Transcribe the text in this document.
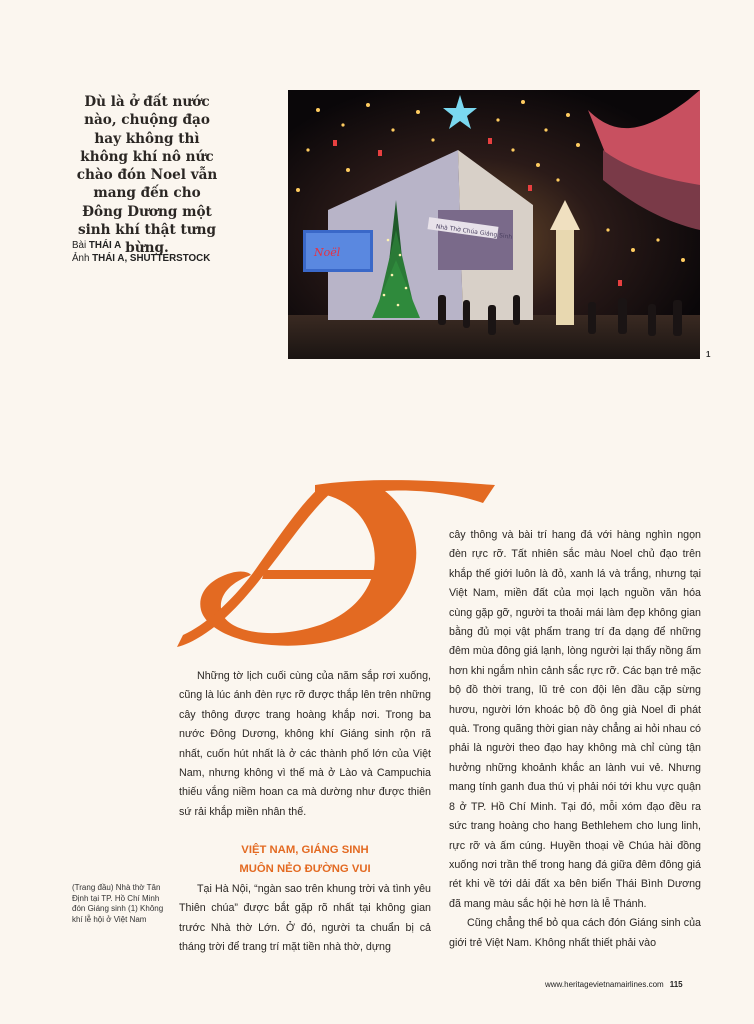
Dù là ở đất nước nào, chuộng đạo hay không thì không khí nô nức chào đón Noel vẫn mang đến cho Đông Dương một sinh khí thật tưng bừng.
Bài THÁI A
Ảnh THÁI A, SHUTTERSTOCK
Nhà Thờ Chúa Giáng Sinh
Noël
1
Đ

Những tờ lịch cuối cùng của năm sắp rơi xuống, cũng là lúc ánh đèn rực rỡ được thắp lên trên những cây thông được trang hoàng khắp nơi. Trong ba nước Đông Dương, không khí Giáng sinh rộn rã nhất, cuốn hút nhất là ở các thành phố lớn của Việt Nam, nhưng không vì thế mà ở Lào và Campuchia thiếu vắng niềm hoan ca mà dường như được thiên sứ rải khắp miền nhân thế.

VIỆT NAM, GIÁNG SINH
MUÔN NẺO ĐƯỜNG VUI

Tại Hà Nội, “ngàn sao trên khung trời và tình yêu Thiên chúa” được bắt gặp rõ nhất tại không gian trước Nhà thờ Lớn. Ở đó, người ta chuẩn bị cả tháng trời để trang trí mặt tiền nhà thờ, dựng

cây thông và bài trí hang đá với hàng nghìn ngọn đèn rực rỡ. Tất nhiên sắc màu Noel chủ đạo trên khắp thế giới luôn là đỏ, xanh lá và trắng, nhưng tại Việt Nam, miền đất của mọi lạch nguồn văn hóa cùng gặp gỡ, người ta thoải mái làm đẹp không gian bằng đủ mọi vật phẩm trang trí đa dạng để những đêm mùa đông giá lạnh, lòng người lại thấy nồng ấm hơn khi ngắm nhìn cảnh sắc rực rỡ. Các bạn trẻ mặc bộ đồ thời trang, lũ trẻ con đội lên đầu cặp sừng hươu, người lớn khoác bộ đồ ông già Noel đi phát quà. Trong quãng thời gian này chẳng ai hỏi nhau có phải là người theo đạo hay không mà chỉ cùng tận hưởng những khoảnh khắc an lành vui vẻ. Nhưng mang tính ganh đua thú vị phải nói tới khu vực quận 8 ở TP. Hồ Chí Minh. Tại đó, mỗi xóm đạo đều ra sức trang hoàng cho hang Bethlehem cho lung linh, rực rỡ và ấm cúng. Huyền thoại về Chúa hài đồng xuống nơi trần thế trong hang đá giữa đêm đông giá rét khi về tới dải đất xa bên biển Thái Bình Dương đã mang màu sắc hội hè hơn là lễ Thánh.

Cũng chẳng thể bỏ qua cách đón Giáng sinh của giới trẻ Việt Nam. Không nhất thiết phải vào

(Trang đầu) Nhà thờ Tân Định tại TP. Hồ Chí Minh đón Giáng sinh (1) Không khí lễ hội ở Việt Nam
www.heritagevietnamairlines.com 115
